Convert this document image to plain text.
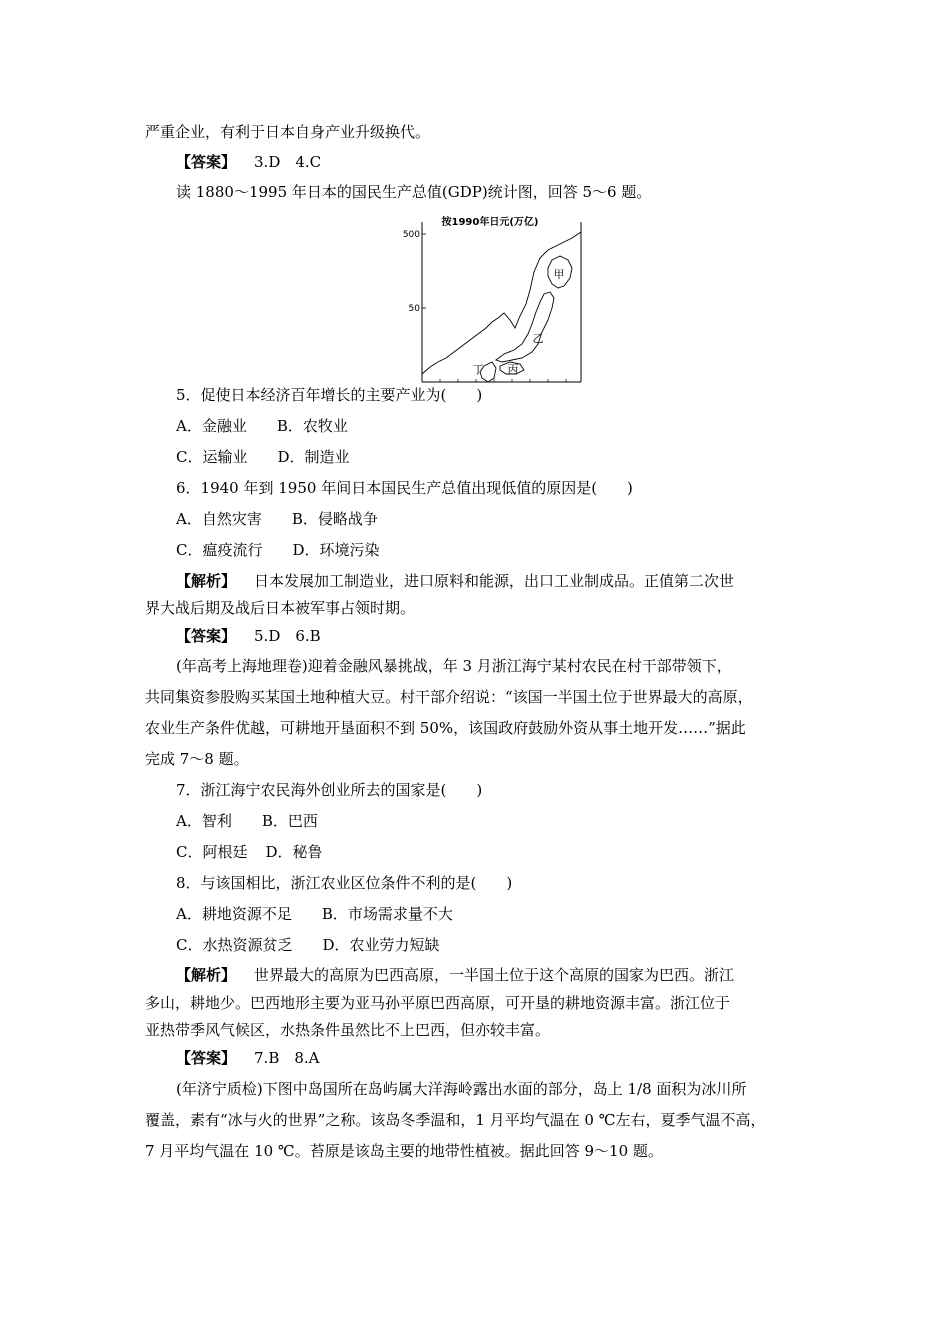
严重企业，有利于日本自身产业升级换代。
【答案】 3.D　4.C
读 1880～1995 年日本的国民生产总值(GDP)统计图，回答 5～6 题。
按1990年日元(万亿)
500
50
甲
乙
丙
丁
5．促使日本经济百年增长的主要产业为(　　)
A．金融业 B．农牧业
C．运输业 D．制造业
6．1940 年到 1950 年间日本国民生产总值出现低值的原因是(　　)
A．自然灾害 B．侵略战争
C．瘟疫流行 D．环境污染
【解析】 日本发展加工制造业，进口原料和能源，出口工业制成品。正值第二次世
界大战后期及战后日本被军事占领时期。
【答案】 5.D　6.B
(年高考上海地理卷)迎着金融风暴挑战，年 3 月浙江海宁某村农民在村干部带领下，
共同集资参股购买某国土地种植大豆。村干部介绍说：“该国一半国土位于世界最大的高原，
农业生产条件优越，可耕地开垦面积不到 50%，该国政府鼓励外资从事土地开发……”据此
完成 7～8 题。
7．浙江海宁农民海外创业所去的国家是(　　)
A．智利 B．巴西
C．阿根廷 D．秘鲁
8．与该国相比，浙江农业区位条件不利的是(　　)
A．耕地资源不足 B．市场需求量不大
C．水热资源贫乏 D．农业劳力短缺
【解析】 世界最大的高原为巴西高原，一半国土位于这个高原的国家为巴西。浙江
多山，耕地少。巴西地形主要为亚马孙平原巴西高原，可开垦的耕地资源丰富。浙江位于
亚热带季风气候区，水热条件虽然比不上巴西，但亦较丰富。
【答案】 7.B　8.A
(年济宁质检)下图中岛国所在岛屿属大洋海岭露出水面的部分，岛上 1/8 面积为冰川所
覆盖，素有“冰与火的世界”之称。该岛冬季温和，1 月平均气温在 0 ℃左右，夏季气温不高，
7 月平均气温在 10 ℃。苔原是该岛主要的地带性植被。据此回答 9～10 题。
